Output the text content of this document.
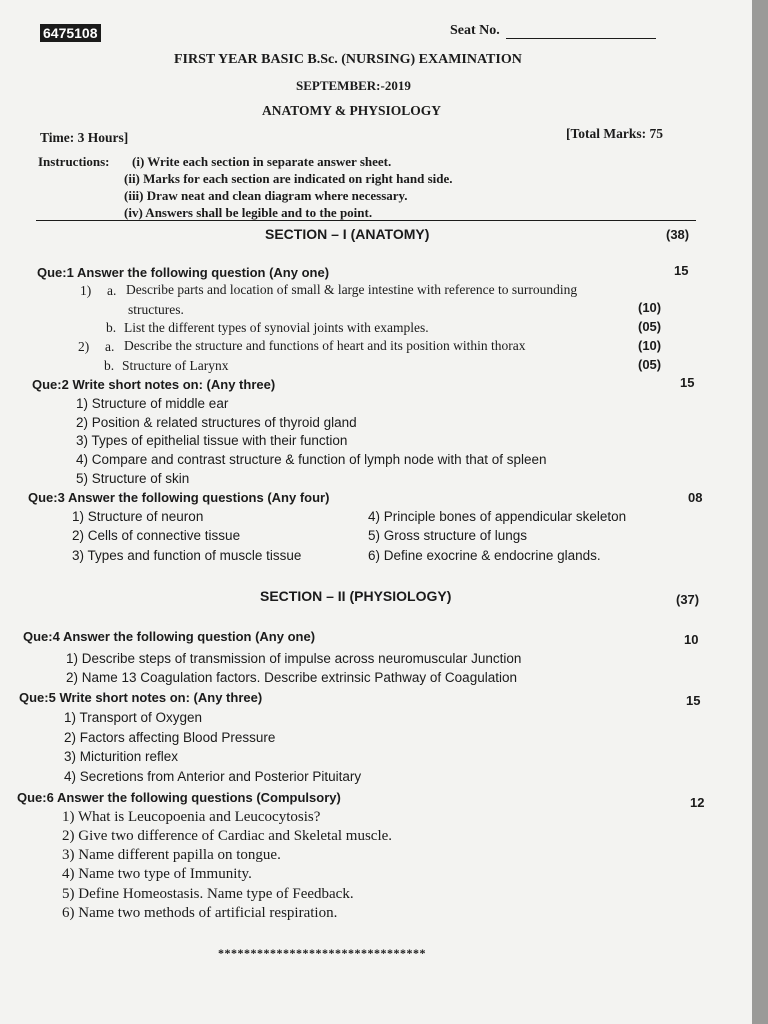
6475108	Seat No.
FIRST YEAR BASIC B.Sc. (NURSING) EXAMINATION
SEPTEMBER:-2019
ANATOMY & PHYSIOLOGY
Time: 3 Hours]	[Total Marks: 75
Instructions: (i) Write each section in separate answer sheet.
(ii) Marks for each section are indicated on right hand side.
(iii) Draw neat and clean diagram where necessary.
(iv) Answers shall be legible and to the point.
SECTION – I (ANATOMY)	(38)
Que:1 Answer the following question (Any one)	15
1) a. Describe parts and location of small & large intestine with reference to surrounding
structures.	(10)
b. List the different types of synovial joints with examples.	(05)
2) a. Describe the structure and functions of heart and its position within thorax	(10)
b. Structure of Larynx	(05)
Que:2 Write short notes on: (Any three)	15
1) Structure of middle ear
2) Position & related structures of thyroid gland
3) Types of epithelial tissue with their function
4) Compare and contrast structure & function of lymph node with that of spleen
5) Structure of skin
Que:3 Answer the following questions (Any four)	08
1) Structure of neuron
2) Cells of connective tissue
3) Types and function of muscle tissue
4) Principle bones of appendicular skeleton
5) Gross structure of lungs
6) Define exocrine & endocrine glands.
SECTION – II (PHYSIOLOGY)	(37)
Que:4 Answer the following question (Any one)	10
1) Describe steps of transmission of impulse across neuromuscular Junction
2) Name 13 Coagulation factors. Describe extrinsic Pathway of Coagulation
Que:5 Write short notes on: (Any three)	15
1) Transport of Oxygen
2) Factors affecting Blood Pressure
3) Micturition reflex
4) Secretions from Anterior and Posterior Pituitary
Que:6 Answer the following questions (Compulsory)	12
1) What is Leucopoenia and Leucocytosis?
2) Give two difference of Cardiac and Skeletal muscle.
3) Name different papilla on tongue.
4) Name two type of Immunity.
5) Define Homeostasis. Name type of Feedback.
6) Name two methods of artificial respiration.
********************************
